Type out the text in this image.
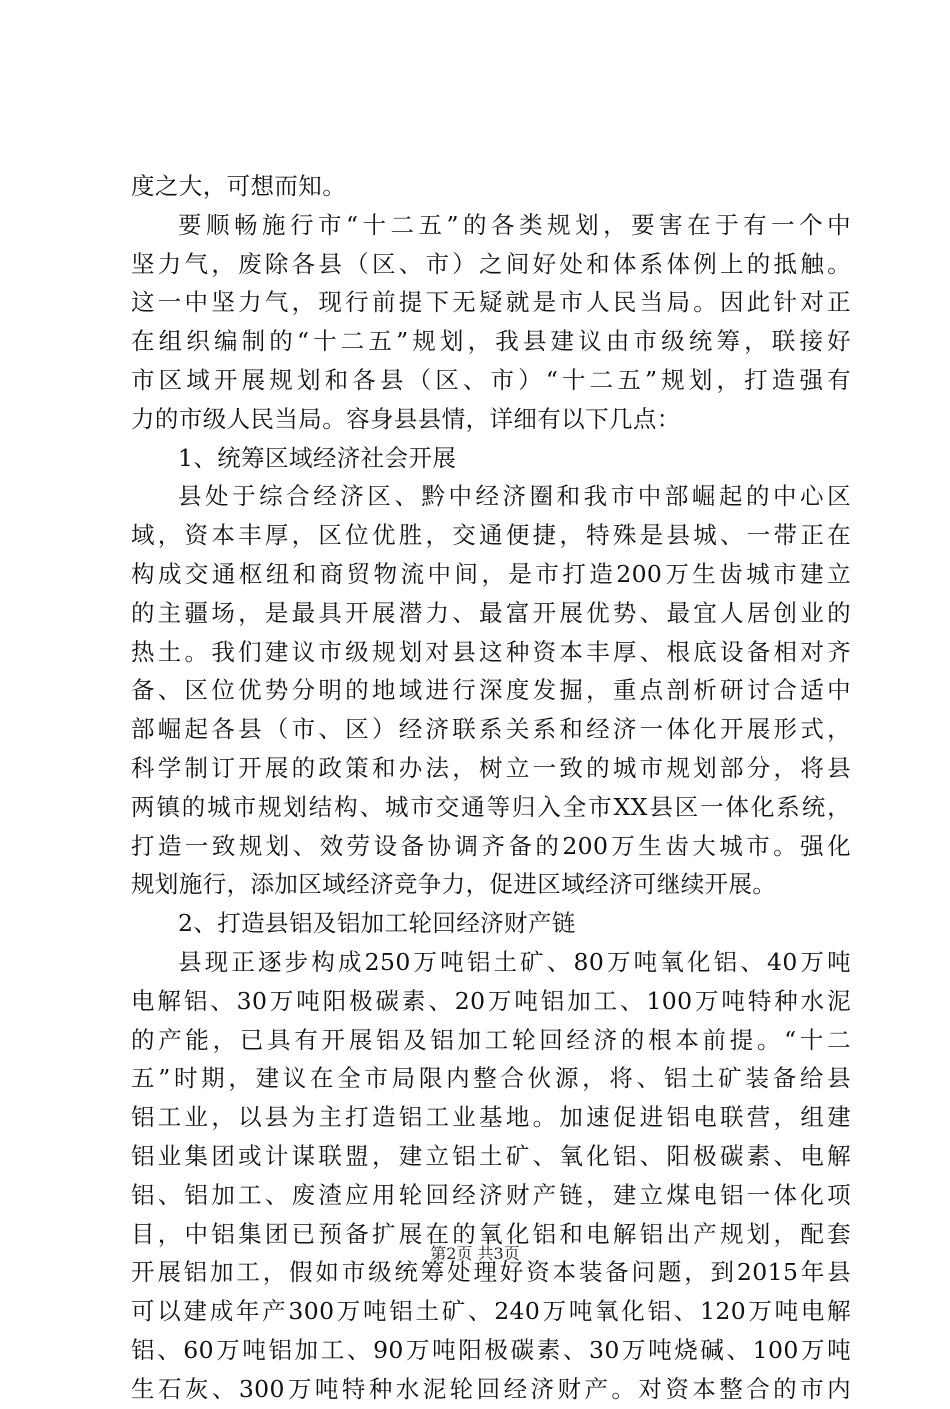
度之大，可想而知。
要顺畅施行市“十二五”的各类规划，要害在于有一个中
坚力气，废除各县（区、市）之间好处和体系体例上的抵触。
这一中坚力气，现行前提下无疑就是市人民当局。因此针对正
在组织编制的“十二五”规划，我县建议由市级统筹，联接好
市区域开展规划和各县（区、市）“十二五”规划，打造强有
力的市级人民当局。容身县县情，详细有以下几点：
1、统筹区域经济社会开展
县处于综合经济区、黔中经济圈和我市中部崛起的中心区
域，资本丰厚，区位优胜，交通便捷，特殊是县城、一带正在
构成交通枢纽和商贸物流中间，是市打造200万生齿城市建立
的主疆场，是最具开展潜力、最富开展优势、最宜人居创业的
热土。我们建议市级规划对县这种资本丰厚、根底设备相对齐
备、区位优势分明的地域进行深度发掘，重点剖析研讨合适中
部崛起各县（市、区）经济联系关系和经济一体化开展形式，
科学制订开展的政策和办法，树立一致的城市规划部分，将县
两镇的城市规划结构、城市交通等归入全市XX县区一体化系统，
打造一致规划、效劳设备协调齐备的200万生齿大城市。强化
规划施行，添加区域经济竞争力，促进区域经济可继续开展。
2、打造县铝及铝加工轮回经济财产链
县现正逐步构成250万吨铝土矿、80万吨氧化铝、40万吨
电解铝、30万吨阳极碳素、20万吨铝加工、100万吨特种水泥
的产能，已具有开展铝及铝加工轮回经济的根本前提。“十二
五”时期，建议在全市局限内整合伙源，将、铝土矿装备给县
铝工业，以县为主打造铝工业基地。加速促进铝电联营，组建
铝业集团或计谋联盟，建立铝土矿、氧化铝、阳极碳素、电解
铝、铝加工、废渣应用轮回经济财产链，建立煤电铝一体化项
目，中铝集团已预备扩展在的氧化铝和电解铝出产规划，配套
开展铝加工，假如市级统筹处理好资本装备问题，到2015年县
可以建成年产300万吨铝土矿、240万吨氧化铝、120万吨电解
铝、60万吨铝加工、90万吨阳极碳素、30万吨烧碱、100万吨
生石灰、300万吨特种水泥轮回经济财产。对资本整合的市内
第2页 共3页
